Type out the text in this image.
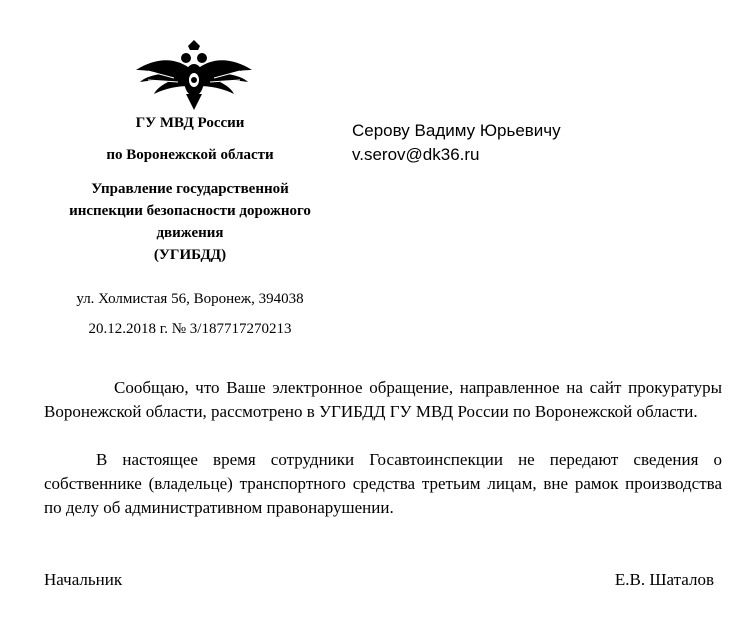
ГУ МВД России
по Воронежской области
Управление государственной
инспекции безопасности дорожного
движения
(УГИБДД)
ул. Холмистая 56, Воронеж, 394038
20.12.2018 г. № 3/187717270213
Серову Вадиму Юрьевичу
v.serov@dk36.ru
Сообщаю, что Ваше электронное обращение, направленное на сайт прокуратуры Воронежской области, рассмотрено в УГИБДД ГУ МВД России по Воронежской области.
В настоящее время сотрудники Госавтоинспекции не передают сведения о собственнике (владельце) транспортного средства третьим лицам, вне рамок производства по делу об административном правонарушении.
Начальник	Е.В. Шаталов
